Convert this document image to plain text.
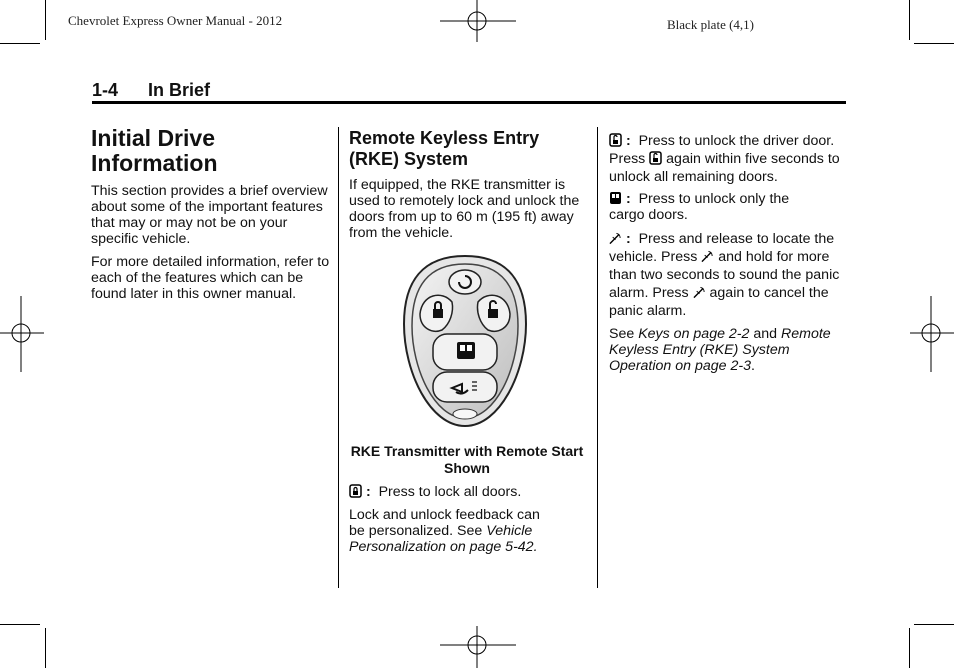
Chevrolet Express Owner Manual - 2012	Black plate (4,1)
1-4 In Brief
Initial Drive Information
This section provides a brief overview about some of the important features that may or may not be on your specific vehicle.
For more detailed information, refer to each of the features which can be found later in this owner manual.
Remote Keyless Entry (RKE) System
If equipped, the RKE transmitter is used to remotely lock and unlock the doors from up to 60 m (195 ft) away from the vehicle.
RKE Transmitter with Remote Start Shown
:  Press to lock all doors.
Lock and unlock feedback can be personalized. See Vehicle Personalization on page 5-42.
:  Press to unlock the driver door.
Press again within five seconds to unlock all remaining doors.
:  Press to unlock only the cargo doors.
:  Press and release to locate the vehicle. Press and hold for more than two seconds to sound the panic alarm. Press again to cancel the panic alarm.
See Keys on page 2-2 and Remote Keyless Entry (RKE) System Operation on page 2-3.
